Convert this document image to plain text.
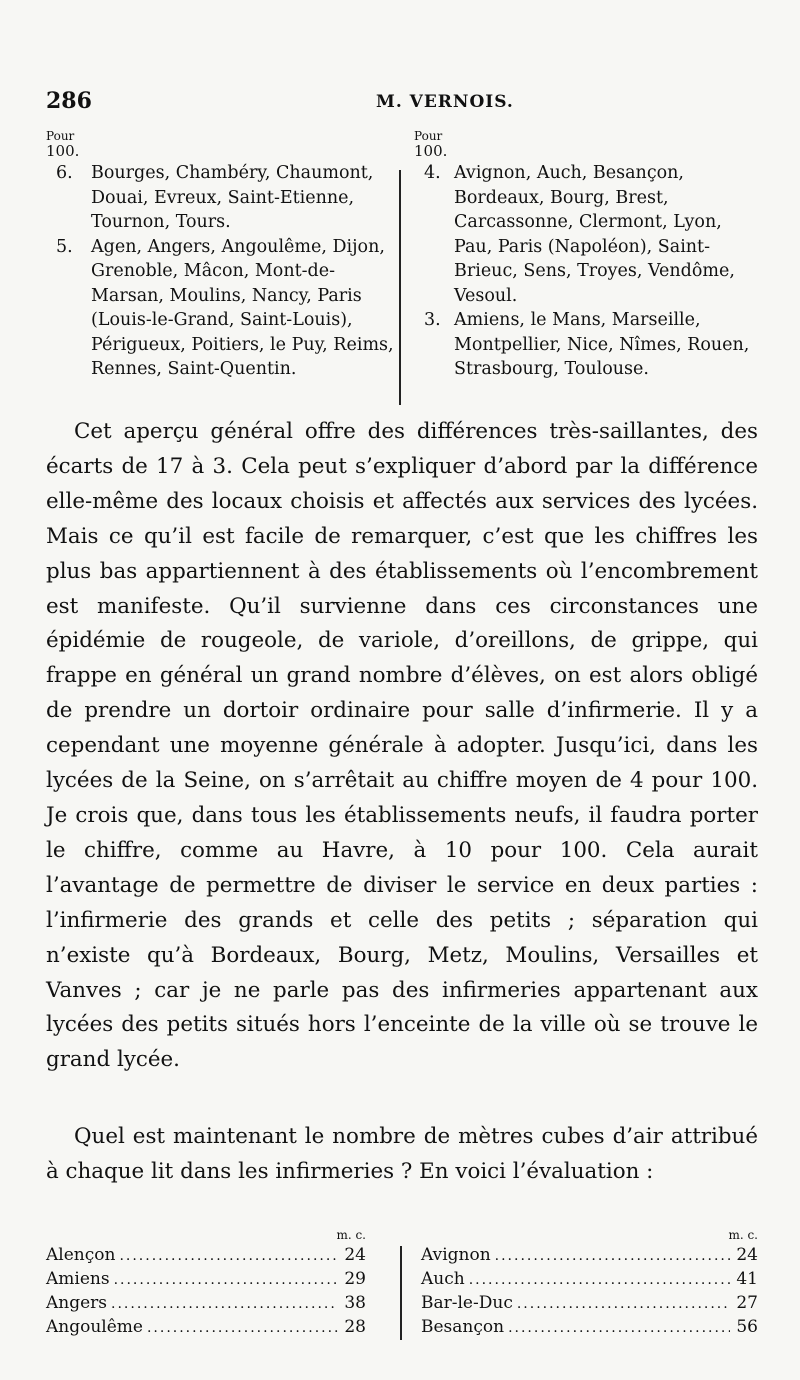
286	M. VERNOIS.
Pour
100.
6. Bourges, Chambéry, Chaumont, Douai, Evreux, Saint-Etienne, Tournon, Tours.
5. Agen, Angers, Angoulême, Dijon, Grenoble, Mâcon, Mont-de-Marsan, Moulins, Nancy, Paris (Louis-le-Grand, Saint-Louis), Périgueux, Poitiers, le Puy, Reims, Rennes, Saint-Quentin.
Pour
100.
4. Avignon, Auch, Besançon, Bordeaux, Bourg, Brest, Carcassonne, Clermont, Lyon, Pau, Paris (Napoléon), Saint-Brieuc, Sens, Troyes, Vendôme, Vesoul.
3. Amiens, le Mans, Marseille, Montpellier, Nice, Nîmes, Rouen, Strasbourg, Toulouse.

Cet aperçu général offre des différences très-saillantes, des écarts de 17 à 3. Cela peut s’expliquer d’abord par la différence elle-même des locaux choisis et affectés aux services des lycées. Mais ce qu’il est facile de remarquer, c’est que les chiffres les plus bas appartiennent à des établissements où l’encombrement est manifeste. Qu’il survienne dans ces circonstances une épidémie de rougeole, de variole, d’oreillons, de grippe, qui frappe en général un grand nombre d’élèves, on est alors obligé de prendre un dortoir ordinaire pour salle d’infirmerie. Il y a cependant une moyenne générale à adopter. Jusqu’ici, dans les lycées de la Seine, on s’arrêtait au chiffre moyen de 4 pour 100. Je crois que, dans tous les établissements neufs, il faudra porter le chiffre, comme au Havre, à 10 pour 100. Cela aurait l’avantage de permettre de diviser le service en deux parties : l’infirmerie des grands et celle des petits ; séparation qui n’existe qu’à Bordeaux, Bourg, Metz, Moulins, Versailles et Vanves ; car je ne parle pas des infirmeries appartenant aux lycées des petits situés hors l’enceinte de la ville où se trouve le grand lycée.

Quel est maintenant le nombre de mètres cubes d’air attribué à chaque lit dans les infirmeries ? En voici l’évaluation :

m. c.
Alençon .....	24
Amiens .....	29
Angers .....	38
Angoulême .....	28
m. c.
Avignon .....	24
Auch .....	41
Bar-le-Duc .....	27
Besançon .....	56
